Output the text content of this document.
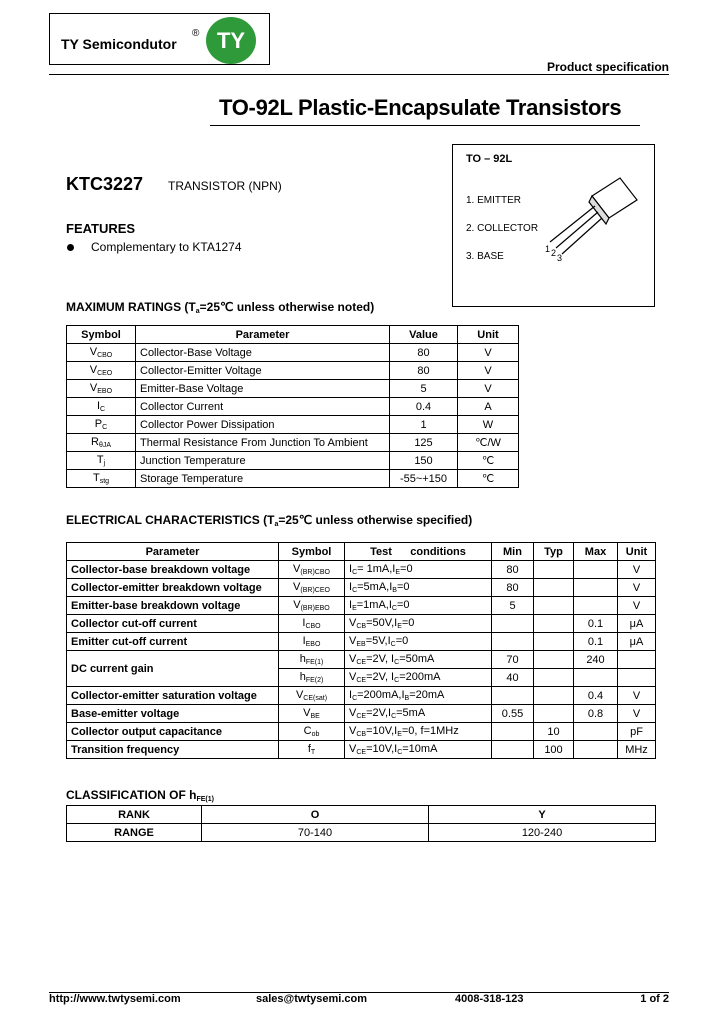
TY Semicondutor
® TY
Product specification
TO-92L Plastic-Encapsulate Transistors
KTC3227 TRANSISTOR (NPN)
FEATURES
Complementary to KTA1274
TO – 92L
1. EMITTER
2. COLLECTOR
3. BASE
1 2 3
MAXIMUM RATINGS ($T_a=25℃$ unless otherwise noted)
Symbol	Parameter	Value	Unit
$V_{CBO}$	Collector-Base Voltage	80	V
$V_{CEO}$	Collector-Emitter Voltage	80	V
$V_{EBO}$	Emitter-Base Voltage	5	V
$I_C$	Collector Current	0.4	A
$P_C$	Collector Power Dissipation	1	W
$R_{\theta JA}$	Thermal Resistance From Junction To Ambient	125	℃/W
$T_j$	Junction Temperature	150	℃
$T_{stg}$	Storage Temperature	-55~+150	℃
ELECTRICAL CHARACTERISTICS ($T_a=25℃$ unless otherwise specified)
Parameter	Symbol	Test      conditions	Min	Typ	Max	Unit
Collector-base breakdown voltage	$V_{(BR)CBO}$	$I_C= 1mA,I_E=0$	80			V
Collector-emitter breakdown voltage	$V_{(BR)CEO}$	$I_C=5mA,I_B=0$	80			V
Emitter-base breakdown voltage	$V_{(BR)EBO}$	$I_E=1mA,I_C=0$	5			V
Collector cut-off current	$I_{CBO}$	$V_{CB}=50V,I_E=0$			0.1	μA
Emitter cut-off current	$I_{EBO}$	$V_{EB}=5V,I_C=0$			0.1	μA
DC current gain	$h_{FE(1)}$	$V_{CE}=2V$, $I_C=50mA$	70		240	
	$h_{FE(2)}$	$V_{CE}=2V$, $I_C=200mA$	40			
Collector-emitter saturation voltage	$V_{CE(sat)}$	$I_C=200mA,I_B=20mA$			0.4	V
Base-emitter voltage	$V_{BE}$	$V_{CE}=2V,I_C=5mA$	0.55		0.8	V
Collector output capacitance	$C_{ob}$	$V_{CB}=10V,I_E=0$, f=1MHz		10		pF
Transition frequency	$f_T$	$V_{CE}=10V,I_C=10mA$		100		MHz
CLASSIFICATION OF $h_{FE(1)}$
RANK	O	Y
RANGE	70-140	120-240
http://www.twtysemi.com	sales@twtysemi.com	4008-318-123	1 of 2
